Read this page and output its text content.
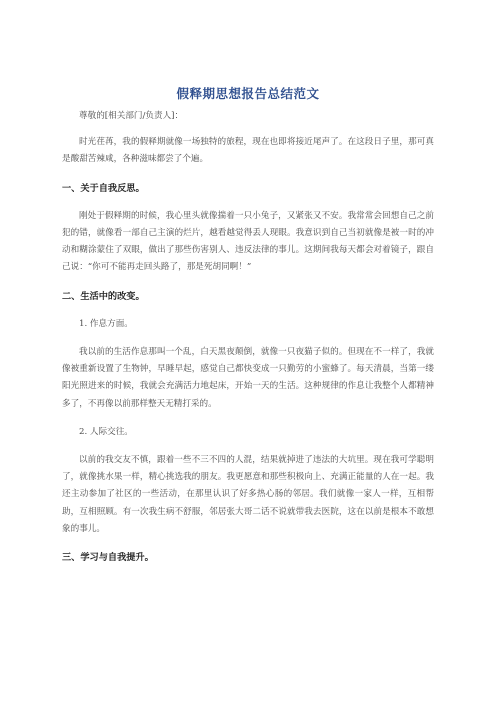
假释期思想报告总结范文

尊敬的[相关部门/负责人]：

时光荏苒，我的假释期就像一场独特的旅程，现在也即将接近尾声了。在这段日子里，那可真是酸甜苦辣咸，各种滋味都尝了个遍。

一、关于自我反思。

刚处于假释期的时候，我心里头就像揣着一只小兔子，又紧张又不安。我常常会回想自己之前犯的错，就像看一部自己主演的烂片，越看越觉得丢人现眼。我意识到自己当初就像是被一时的冲动和糊涂蒙住了双眼，做出了那些伤害别人、违反法律的事儿。这期间我每天都会对着镜子，跟自己说：“你可不能再走回头路了，那是死胡同啊！”

二、生活中的改变。

1. 作息方面。

我以前的生活作息那叫一个乱，白天黑夜颠倒，就像一只夜猫子似的。但现在不一样了，我就像被重新设置了生物钟，早睡早起，感觉自己都快变成一只勤劳的小蜜蜂了。每天清晨，当第一缕阳光照进来的时候，我就会充满活力地起床，开始一天的生活。这种规律的作息让我整个人都精神多了，不再像以前那样整天无精打采的。

2. 人际交往。

以前的我交友不慎，跟着一些不三不四的人混，结果就掉进了违法的大坑里。现在我可学聪明了，就像挑水果一样，精心挑选我的朋友。我更愿意和那些积极向上、充满正能量的人在一起。我还主动参加了社区的一些活动，在那里认识了好多热心肠的邻居。我们就像一家人一样，互相帮助，互相照顾。有一次我生病不舒服，邻居张大哥二话不说就带我去医院，这在以前是根本不敢想象的事儿。

三、学习与自我提升。
